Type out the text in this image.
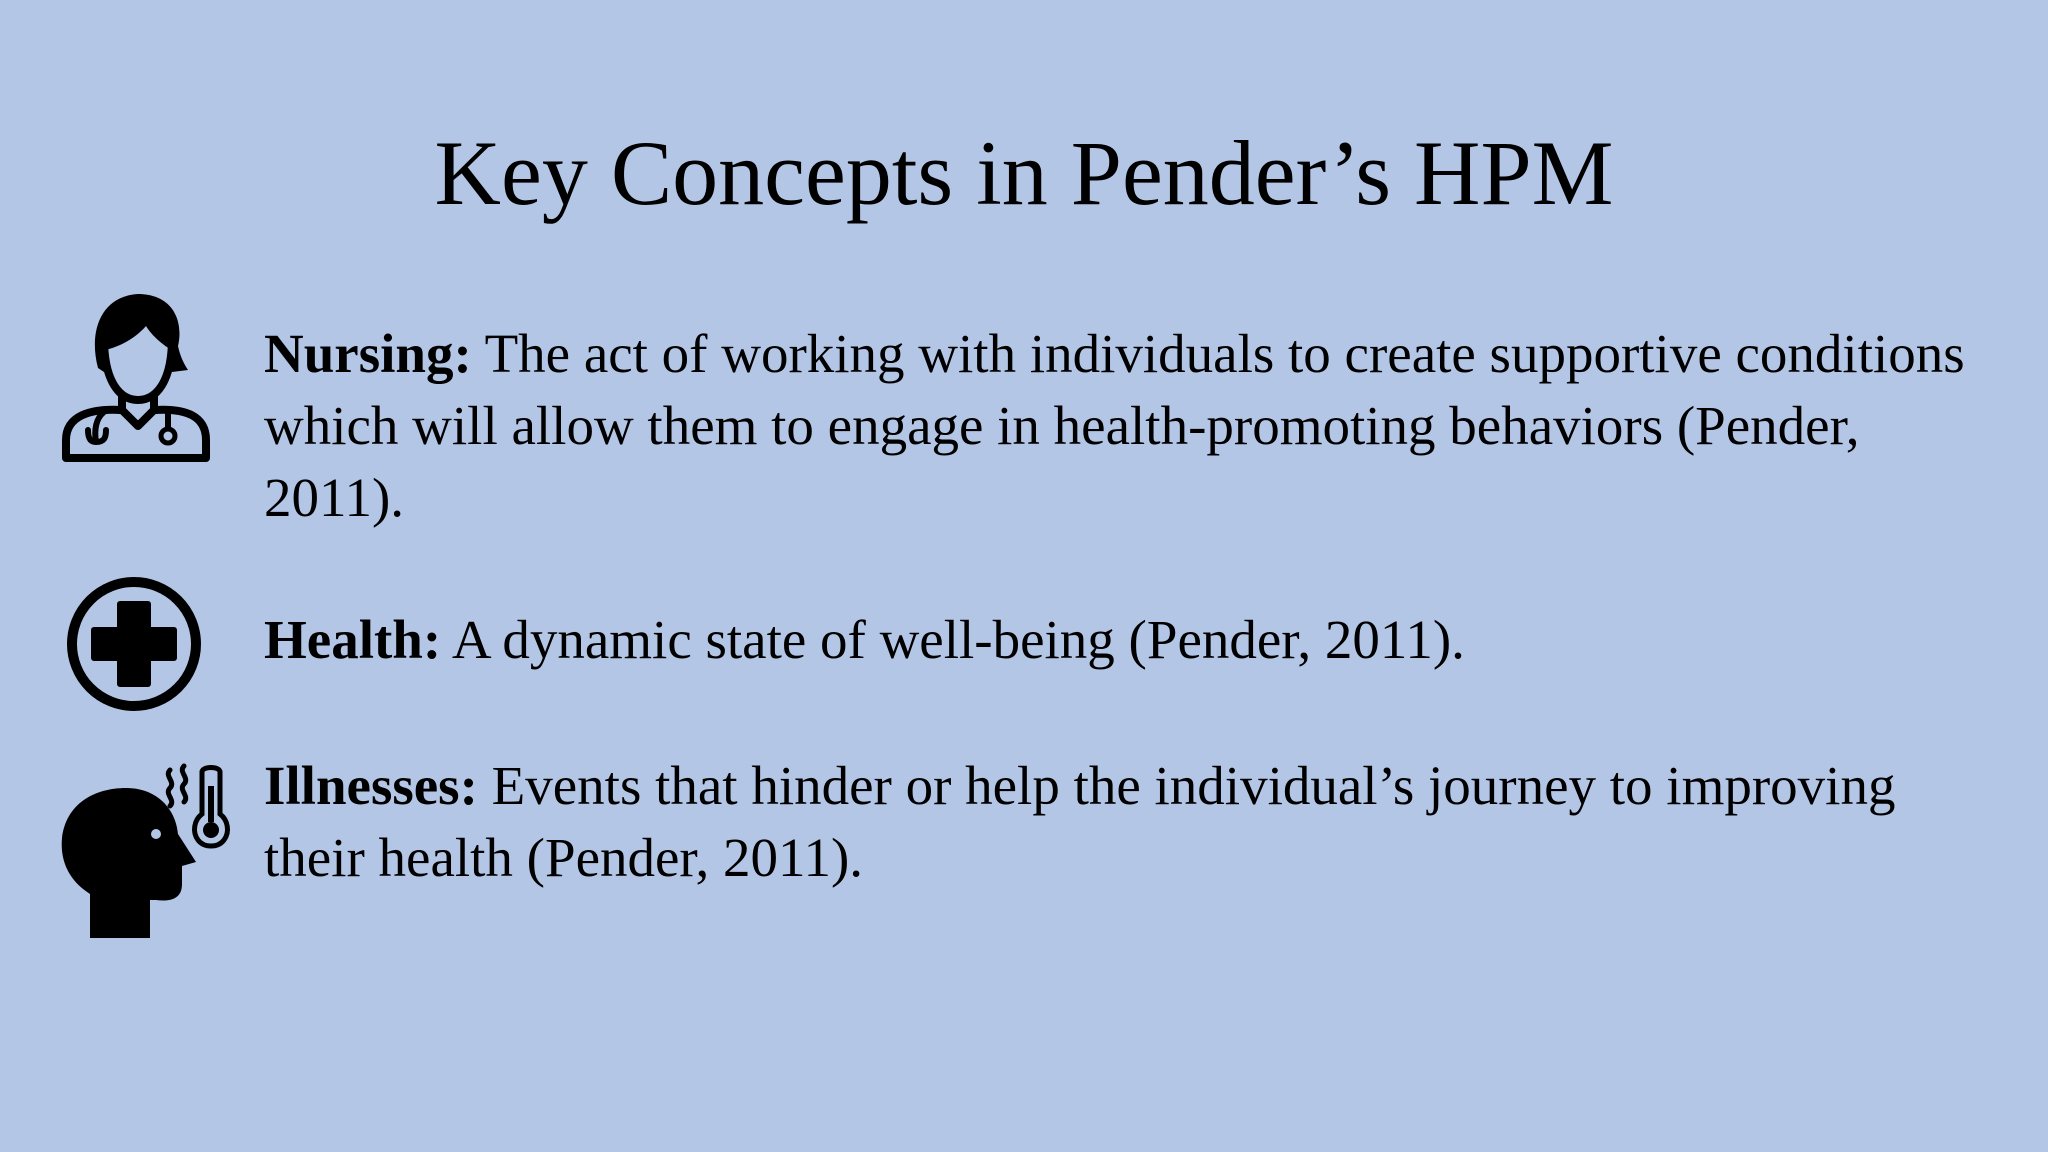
Key Concepts in Pender’s HPM

Nursing: The act of working with individuals to create supportive conditions which will allow them to engage in health-promoting behaviors (Pender, 2011).

Health: A dynamic state of well-being (Pender, 2011).

Illnesses: Events that hinder or help the individual’s journey to improving their health (Pender, 2011).
